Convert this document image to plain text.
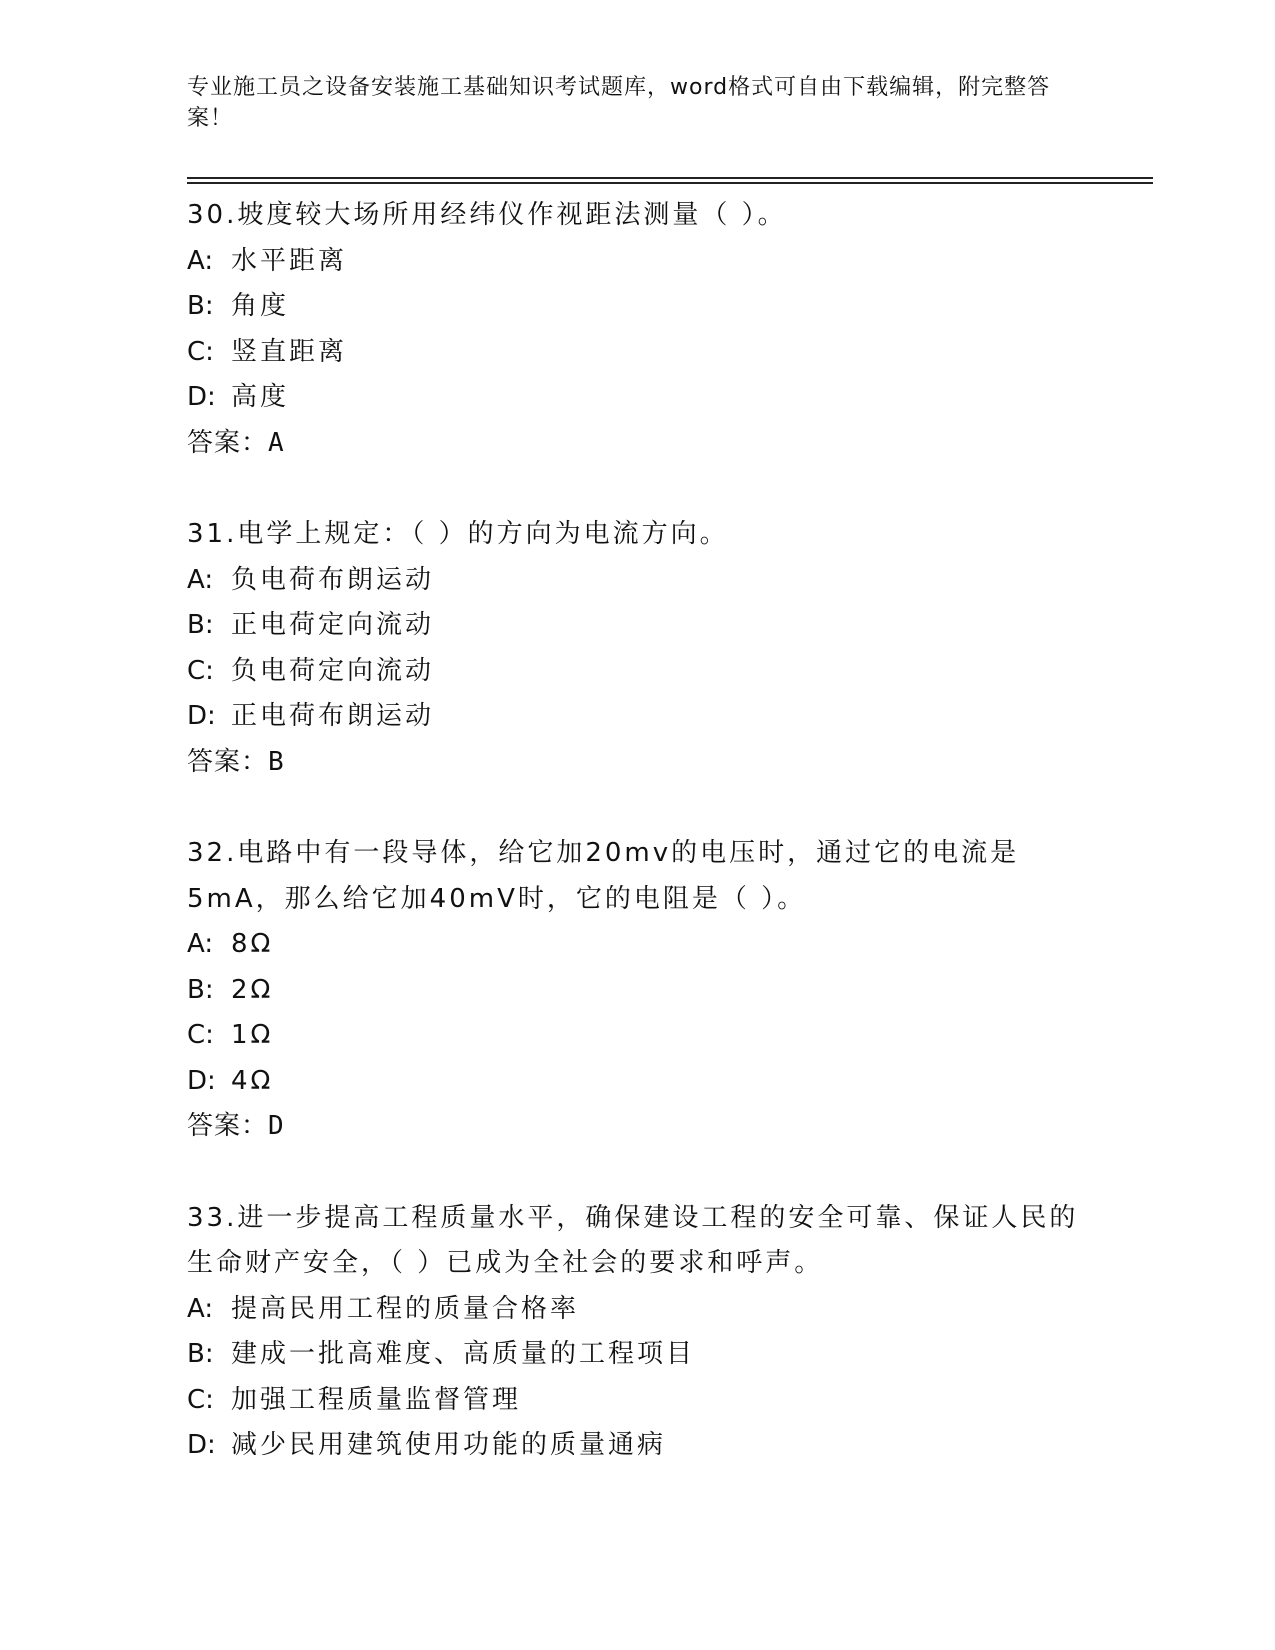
专业施工员之设备安装施工基础知识考试题库，word格式可自由下载编辑，附完整答案！
30.坡度较大场所用经纬仪作视距法测量（ ）。
A: 水平距离
B: 角度
C: 竖直距离
D: 高度
答案：A
31.电学上规定：（ ）的方向为电流方向。
A: 负电荷布朗运动
B: 正电荷定向流动
C: 负电荷定向流动
D: 正电荷布朗运动
答案：B
32.电路中有一段导体，给它加20mv的电压时，通过它的电流是5mA，那么给它加40mV时，它的电阻是（ ）。
A: 8Ω
B: 2Ω
C: 1Ω
D: 4Ω
答案：D
33.进一步提高工程质量水平，确保建设工程的安全可靠、保证人民的生命财产安全，（ ）已成为全社会的要求和呼声。
A: 提高民用工程的质量合格率
B: 建成一批高难度、高质量的工程项目
C: 加强工程质量监督管理
D: 减少民用建筑使用功能的质量通病
